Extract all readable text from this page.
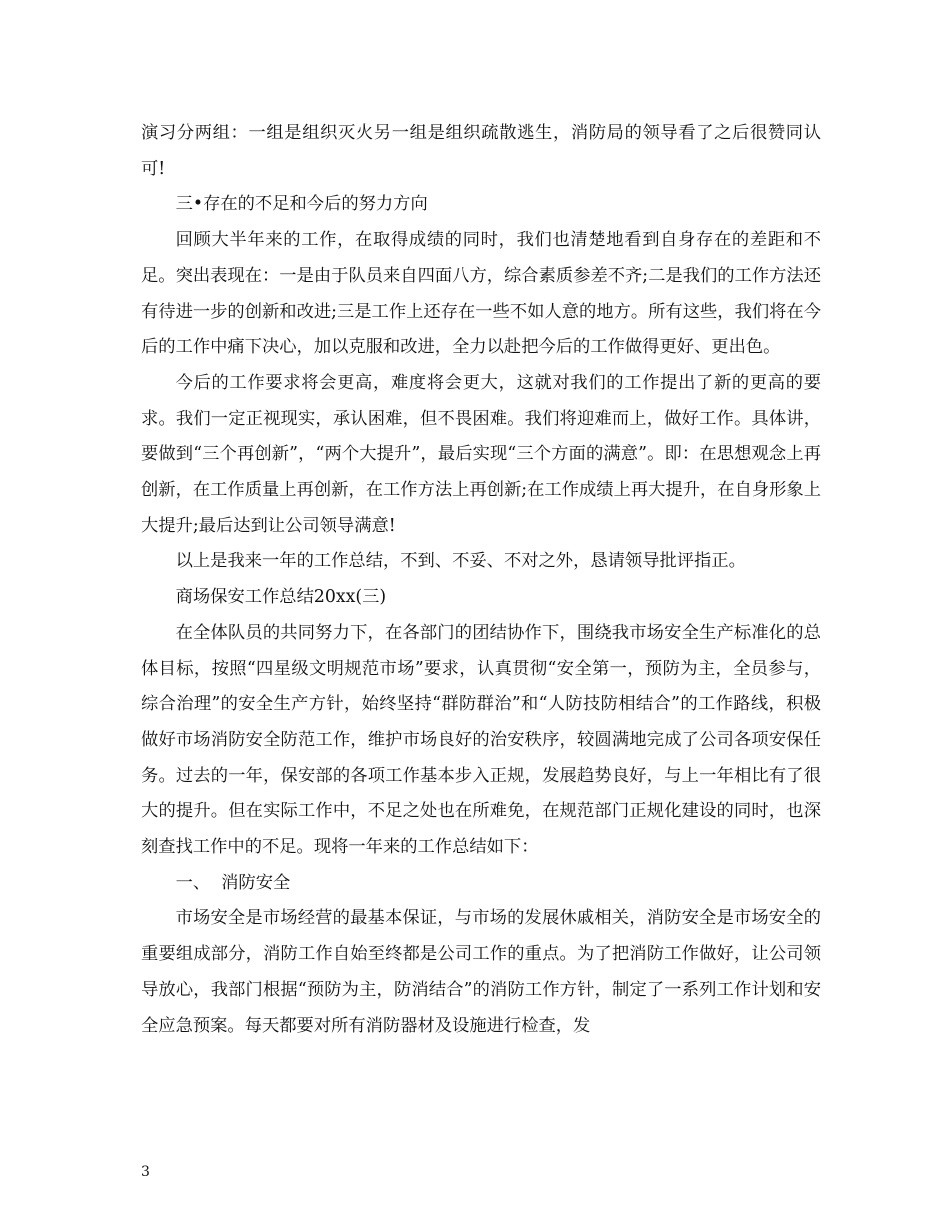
演习分两组：一组是组织灭火另一组是组织疏散逃生，消防局的领导看了之后很赞同认可!

三•存在的不足和今后的努力方向

回顾大半年来的工作，在取得成绩的同时，我们也清楚地看到自身存在的差距和不足。突出表现在：一是由于队员来自四面八方，综合素质参差不齐;二是我们的工作方法还有待进一步的创新和改进;三是工作上还存在一些不如人意的地方。所有这些，我们将在今后的工作中痛下决心，加以克服和改进，全力以赴把今后的工作做得更好、更出色。

今后的工作要求将会更高，难度将会更大，这就对我们的工作提出了新的更高的要求。我们一定正视现实，承认困难，但不畏困难。我们将迎难而上，做好工作。具体讲，要做到“三个再创新”，“两个大提升”，最后实现“三个方面的满意”。即：在思想观念上再创新，在工作质量上再创新，在工作方法上再创新;在工作成绩上再大提升，在自身形象上大提升;最后达到让公司领导满意!

以上是我来一年的工作总结，不到、不妥、不对之外，恳请领导批评指正。

商场保安工作总结20xx(三)

在全体队员的共同努力下，在各部门的团结协作下，围绕我市场安全生产标准化的总体目标，按照“四星级文明规范市场”要求，认真贯彻“安全第一，预防为主，全员参与，综合治理”的安全生产方针，始终坚持“群防群治”和“人防技防相结合”的工作路线，积极做好市场消防安全防范工作，维护市场良好的治安秩序，较圆满地完成了公司各项安保任务。过去的一年，保安部的各项工作基本步入正规，发展趋势良好，与上一年相比有了很大的提升。但在实际工作中，不足之处也在所难免，在规范部门正规化建设的同时，也深刻查找工作中的不足。现将一年来的工作总结如下：

一、  消防安全

市场安全是市场经营的最基本保证，与市场的发展休戚相关，消防安全是市场安全的重要组成部分，消防工作自始至终都是公司工作的重点。为了把消防工作做好，让公司领导放心，我部门根据“预防为主，防消结合”的消防工作方针，制定了一系列工作计划和安全应急预案。每天都要对所有消防器材及设施进行检查，发

3
